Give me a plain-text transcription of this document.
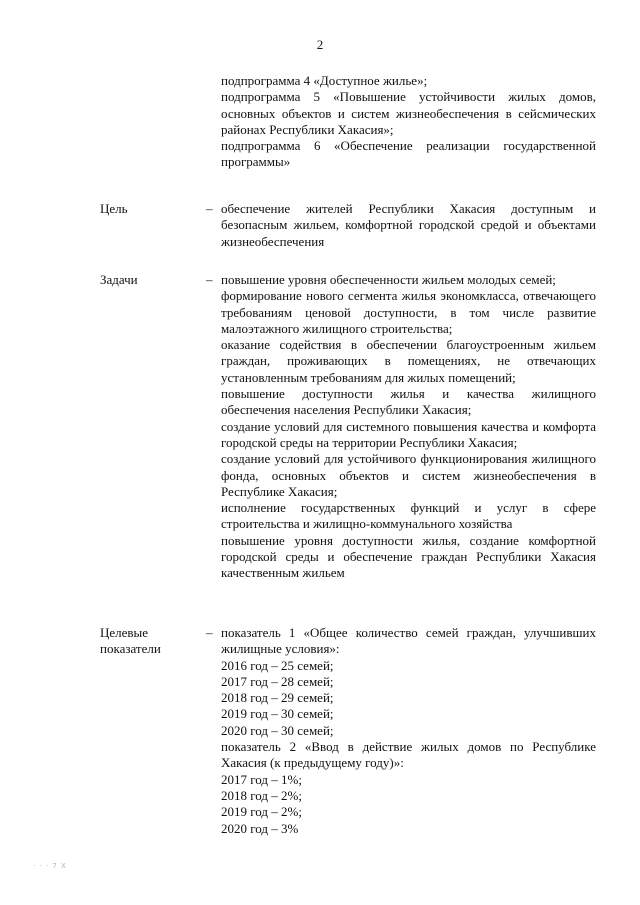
2

подпрограмма 4 «Доступное жилье»;

подпрограмма 5 «Повышение устойчивости жилых домов, основных объектов и систем жизнеобеспечения в сейсмических районах Республики Хакасия»;

подпрограмма 6 «Обеспечение реализации государственной программы»

Цель	– обеспечение жителей Республики Хакасия доступным и безопасным жильем, комфортной городской средой и объектами жизнеобеспечения

Задачи	– повышение уровня обеспеченности жильем молодых семей;

формирование нового сегмента жилья экономкласса, отвечающего требованиям ценовой доступности, в том числе развитие малоэтажного жилищного строительства;

оказание содействия в обеспечении благоустроенным жильем граждан, проживающих в помещениях, не отвечающих установленным требованиям для жилых помещений;

повышение доступности жилья и качества жилищного обеспечения населения Республики Хакасия;

создание условий для системного повышения качества и комфорта городской среды на территории Республики Хакасия;

создание условий для устойчивого функционирования жилищного фонда, основных объектов и систем жизнеобеспечения в Республике Хакасия;

исполнение государственных функций и услуг в сфере строительства и жилищно-коммунального хозяйства

повышение уровня доступности жилья, создание комфортной городской среды и обеспечение граждан Республики Хакасия качественным жильем

Целевые показатели
– показатель 1 «Общее количество семей граждан, улучшивших жилищные условия»:

2016 год – 25 семей;

2017 год – 28 семей;

2018 год – 29 семей;

2019 год – 30 семей;

2020 год – 30 семей;

показатель 2 «Ввод в действие жилых домов по Республике Хакасия (к предыдущему году)»:

2017 год – 1%;

2018 год – 2%;

2019 год – 2%;

2020 год – 3%

· · · 7 Х
